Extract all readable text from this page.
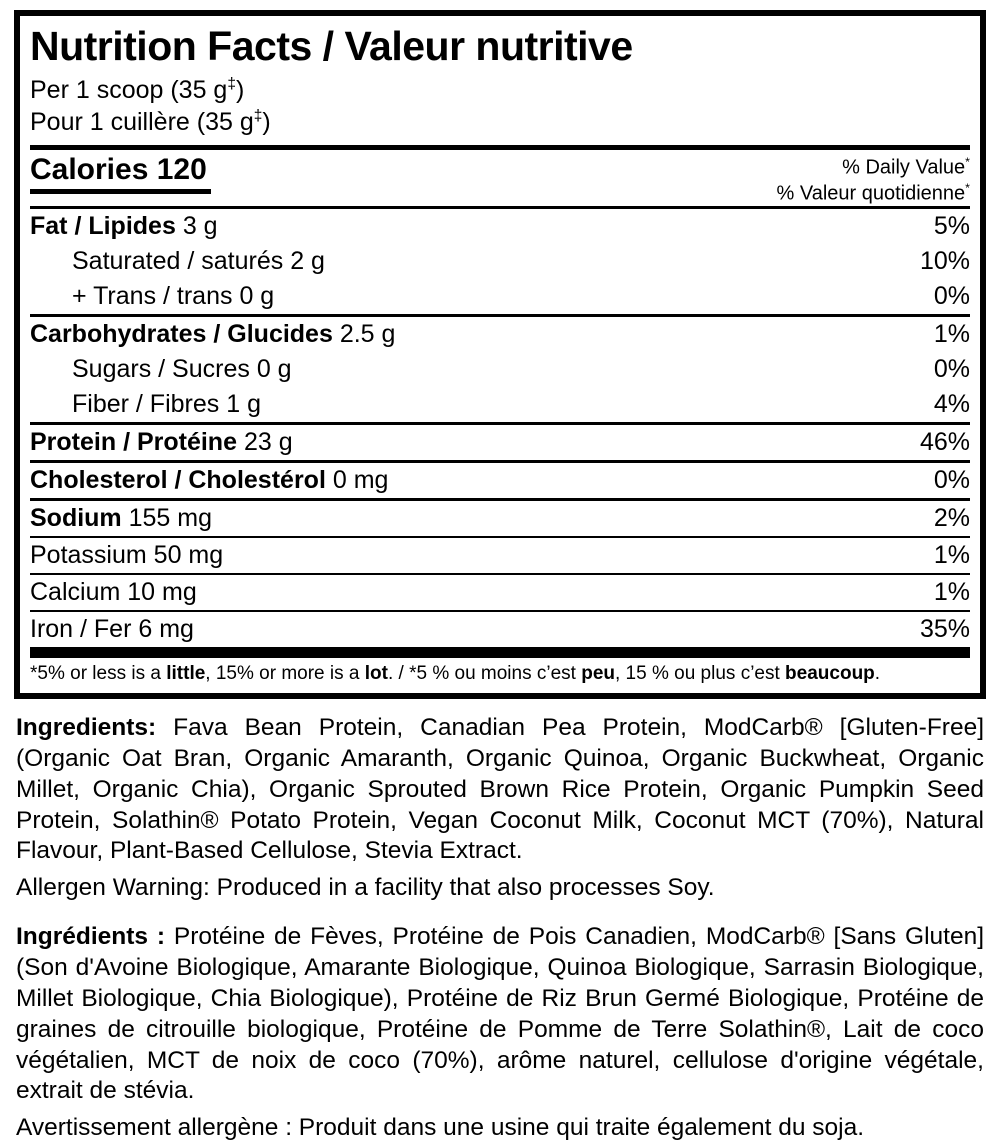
Nutrition Facts / Valeur nutritive
Per 1 scoop (35 g‡)
Pour 1 cuillère (35 g‡)
Calories 120	% Daily Value*
% Valeur quotidienne*
Fat / Lipides 3 g	5%
Saturated / saturés 2 g	10%
+ Trans / trans 0 g	0%
Carbohydrates / Glucides 2.5 g	1%
Sugars / Sucres 0 g	0%
Fiber / Fibres 1 g	4%
Protein / Protéine 23 g	46%
Cholesterol / Cholestérol 0 mg	0%
Sodium 155 mg	2%
Potassium 50 mg	1%
Calcium 10 mg	1%
Iron / Fer 6 mg	35%
*5% or less is a little, 15% or more is a lot. / *5 % ou moins c’est peu, 15 % ou plus c’est beaucoup.

Ingredients: Fava Bean Protein, Canadian Pea Protein, ModCarb® [Gluten-Free] (Organic Oat Bran, Organic Amaranth, Organic Quinoa, Organic Buckwheat, Organic Millet, Organic Chia), Organic Sprouted Brown Rice Protein, Organic Pumpkin Seed Protein, Solathin® Potato Protein, Vegan Coconut Milk, Coconut MCT (70%), Natural Flavour, Plant-Based Cellulose, Stevia Extract.

Allergen Warning: Produced in a facility that also processes Soy.

Ingrédients : Protéine de Fèves, Protéine de Pois Canadien, ModCarb® [Sans Gluten] (Son d'Avoine Biologique, Amarante Biologique, Quinoa Biologique, Sarrasin Biologique, Millet Biologique, Chia Biologique), Protéine de Riz Brun Germé Biologique, Protéine de graines de citrouille biologique, Protéine de Pomme de Terre Solathin®, Lait de coco végétalien, MCT de noix de coco (70%), arôme naturel, cellulose d'origine végétale, extrait de stévia.

Avertissement allergène : Produit dans une usine qui traite également du soja.
